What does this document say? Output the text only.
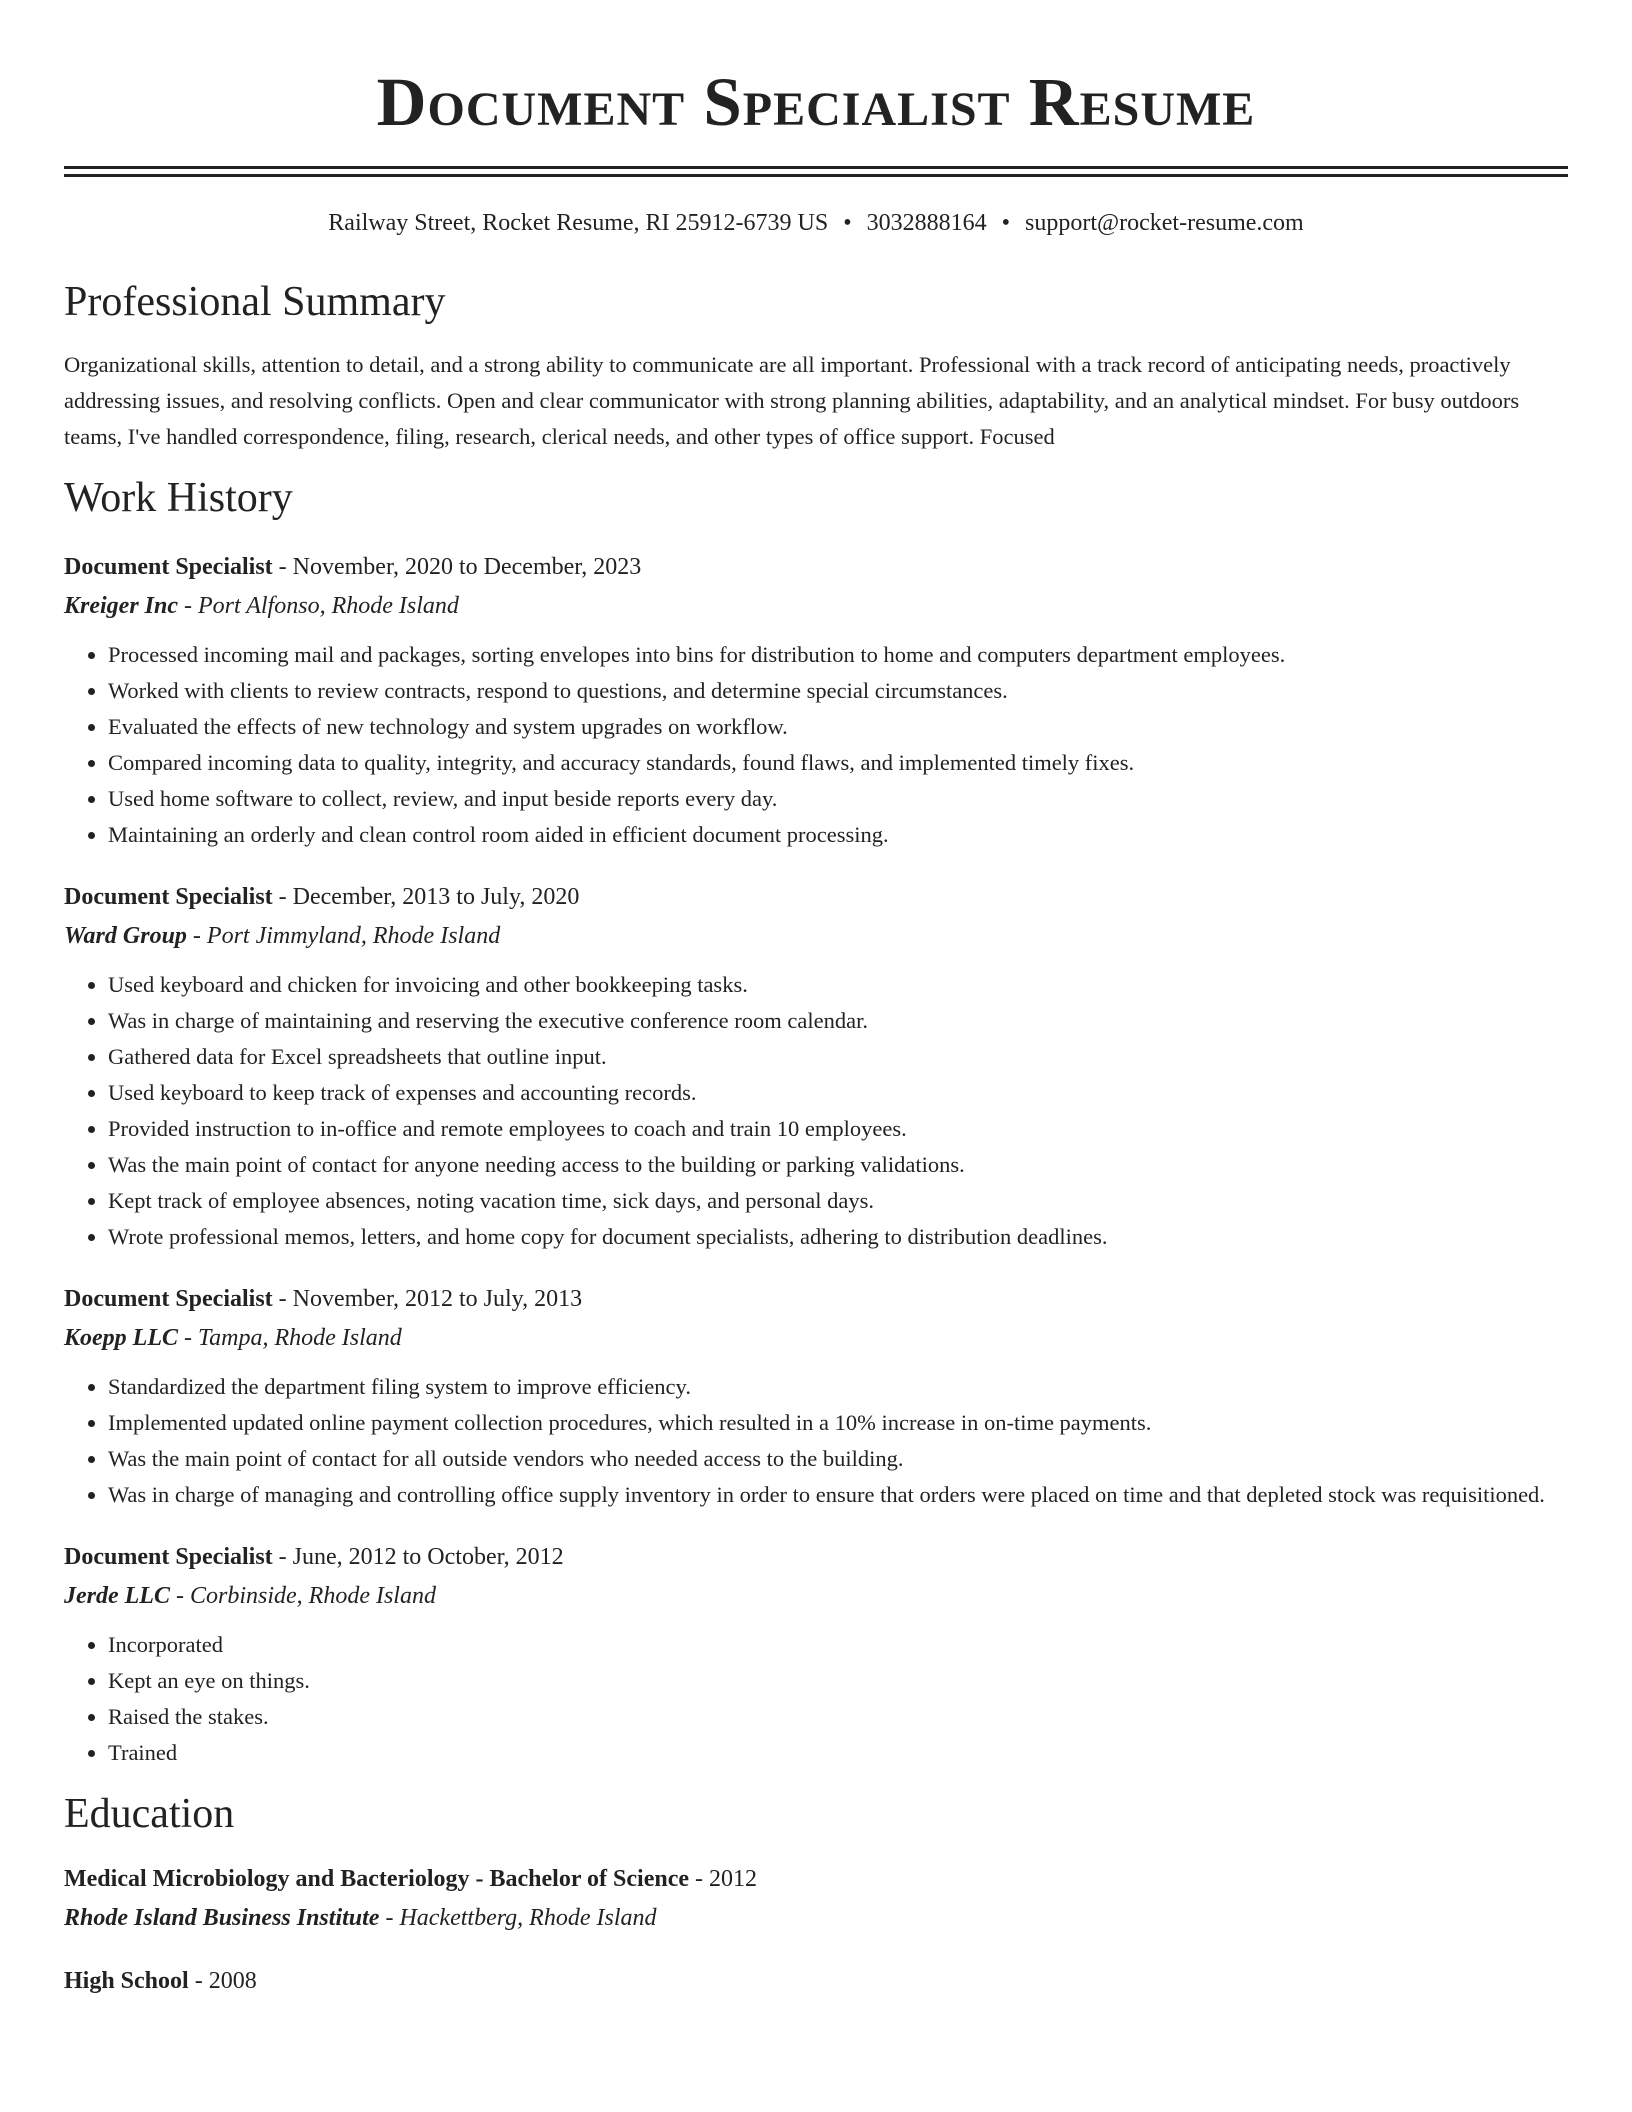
Document Specialist Resume
Railway Street, Rocket Resume, RI 25912-6739 US • 3032888164 • support@rocket-resume.com
Professional Summary
Organizational skills, attention to detail, and a strong ability to communicate are all important. Professional with a track record of anticipating needs, proactively addressing issues, and resolving conflicts. Open and clear communicator with strong planning abilities, adaptability, and an analytical mindset. For busy outdoors teams, I've handled correspondence, filing, research, clerical needs, and other types of office support. Focused
Work History
Document Specialist - November, 2020 to December, 2023
Kreiger Inc - Port Alfonso, Rhode Island
• Processed incoming mail and packages, sorting envelopes into bins for distribution to home and computers department employees.
• Worked with clients to review contracts, respond to questions, and determine special circumstances.
• Evaluated the effects of new technology and system upgrades on workflow.
• Compared incoming data to quality, integrity, and accuracy standards, found flaws, and implemented timely fixes.
• Used home software to collect, review, and input beside reports every day.
• Maintaining an orderly and clean control room aided in efficient document processing.
Document Specialist - December, 2013 to July, 2020
Ward Group - Port Jimmyland, Rhode Island
• Used keyboard and chicken for invoicing and other bookkeeping tasks.
• Was in charge of maintaining and reserving the executive conference room calendar.
• Gathered data for Excel spreadsheets that outline input.
• Used keyboard to keep track of expenses and accounting records.
• Provided instruction to in-office and remote employees to coach and train 10 employees.
• Was the main point of contact for anyone needing access to the building or parking validations.
• Kept track of employee absences, noting vacation time, sick days, and personal days.
• Wrote professional memos, letters, and home copy for document specialists, adhering to distribution deadlines.
Document Specialist - November, 2012 to July, 2013
Koepp LLC - Tampa, Rhode Island
• Standardized the department filing system to improve efficiency.
• Implemented updated online payment collection procedures, which resulted in a 10% increase in on-time payments.
• Was the main point of contact for all outside vendors who needed access to the building.
• Was in charge of managing and controlling office supply inventory in order to ensure that orders were placed on time and that depleted stock was requisitioned.
Document Specialist - June, 2012 to October, 2012
Jerde LLC - Corbinside, Rhode Island
• Incorporated
• Kept an eye on things.
• Raised the stakes.
• Trained
Education
Medical Microbiology and Bacteriology - Bachelor of Science - 2012
Rhode Island Business Institute - Hackettberg, Rhode Island
High School - 2008
